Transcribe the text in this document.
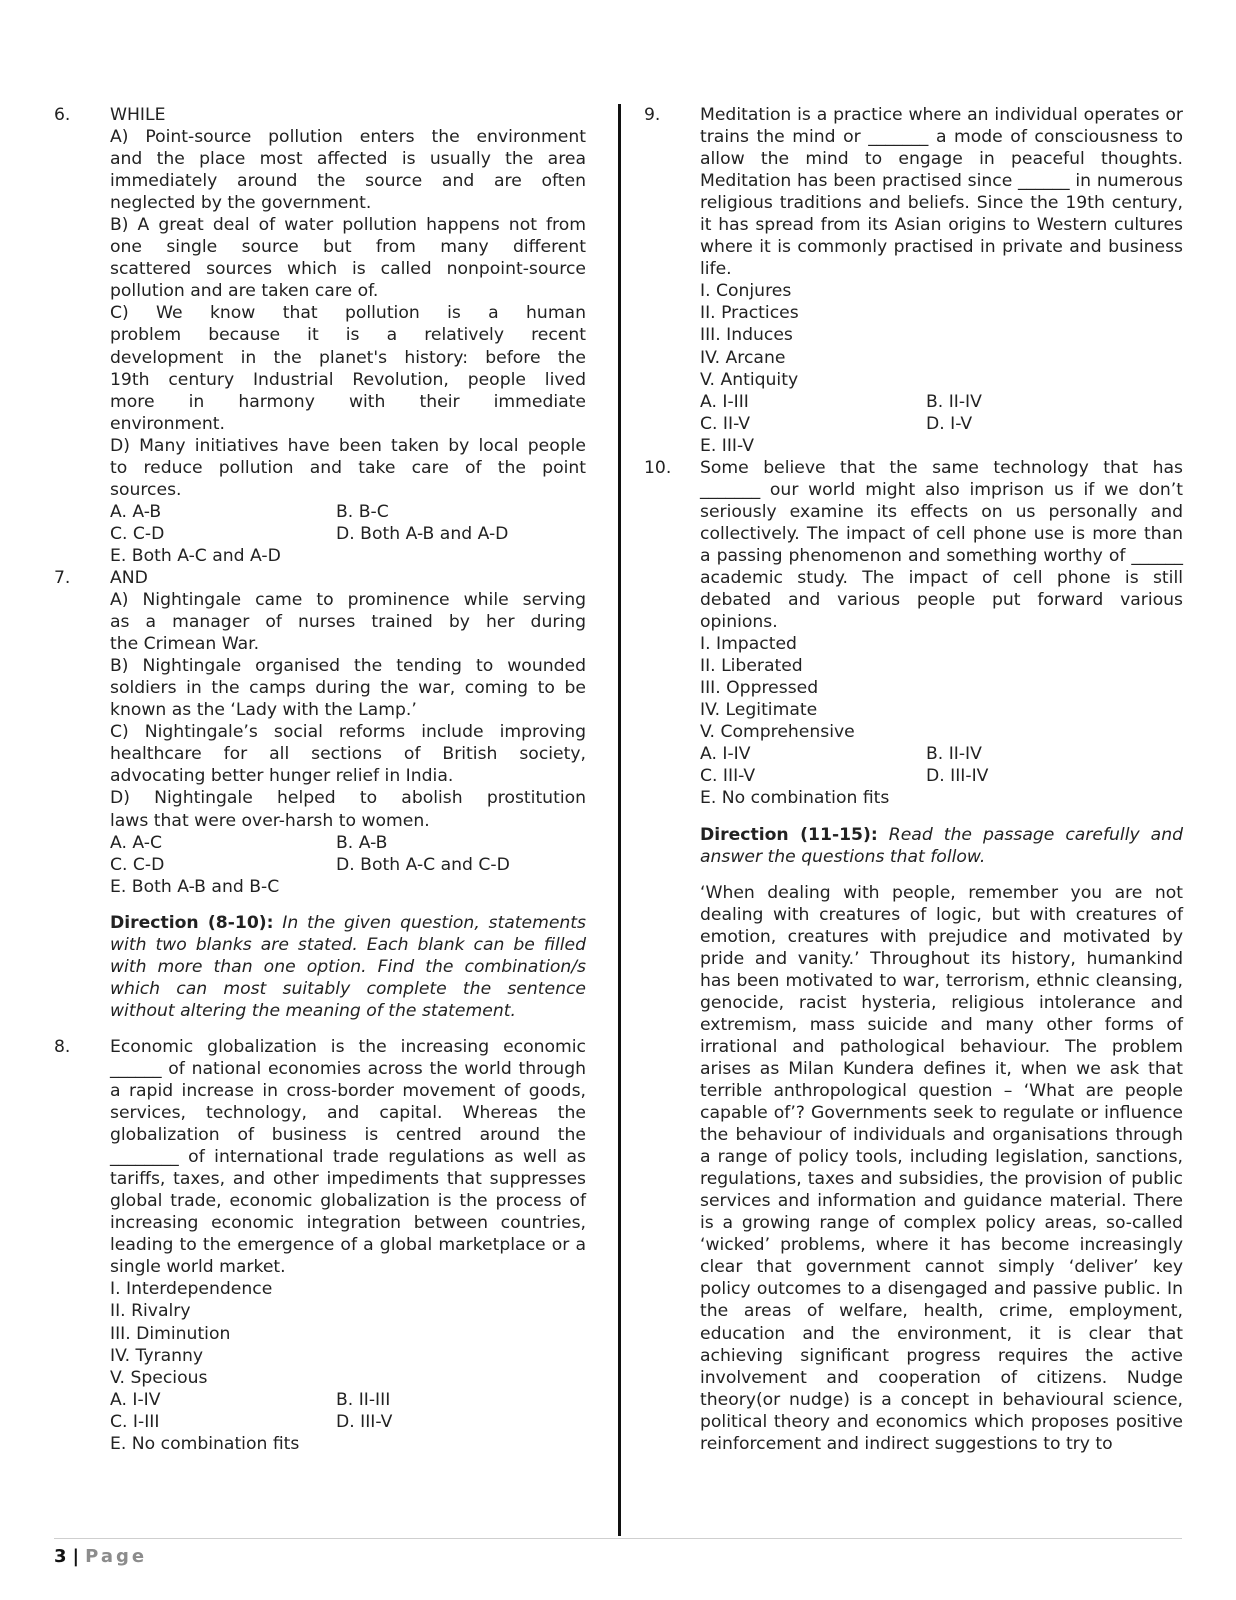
6.	WHILE
A) Point-source pollution enters the environment
and the place most affected is usually the area
immediately around the source and are often
neglected by the government.
B) A great deal of water pollution happens not from
one single source but from many different
scattered sources which is called nonpoint-source
pollution and are taken care of.
C) We know that pollution is a human
problem because it is a relatively recent
development in the planet's history: before the
19th century Industrial Revolution, people lived
more in harmony with their immediate
environment.
D) Many initiatives have been taken by local people
to reduce pollution and take care of the point
sources.
A. A-B	B. B-C
C. C-D	D. Both A-B and A-D
E. Both A-C and A-D
7.	AND
A) Nightingale came to prominence while serving
as a manager of nurses trained by her during
the Crimean War.
B) Nightingale organised the tending to wounded
soldiers in the camps during the war, coming to be
known as the ‘Lady with the Lamp.’
C) Nightingale’s social reforms include improving
healthcare for all sections of British society,
advocating better hunger relief in India.
D) Nightingale helped to abolish prostitution
laws that were over-harsh to women.
A. A-C	B. A-B
C. C-D	D. Both A-C and C-D
E. Both A-B and B-C
Direction (8-10): In the given question, statements with two blanks are stated. Each blank can be filled with more than one option. Find the combination/s which can most suitably complete the sentence without altering the meaning of the statement.
8.	Economic globalization is the increasing economic ______ of national economies across the world through a rapid increase in cross-border movement of goods, services, technology, and capital. Whereas the globalization of business is centred around the ________ of international trade regulations as well as tariffs, taxes, and other impediments that suppresses global trade, economic globalization is the process of increasing economic integration between countries, leading to the emergence of a global marketplace or a single world market.
I. Interdependence
II. Rivalry
III. Diminution
IV. Tyranny
V. Specious
A. I-IV	B. II-III
C. I-III	D. III-V
E. No combination fits
9.	Meditation is a practice where an individual operates or trains the mind or _______ a mode of consciousness to allow the mind to engage in peaceful thoughts. Meditation has been practised since ______ in numerous religious traditions and beliefs. Since the 19th century, it has spread from its Asian origins to Western cultures where it is commonly practised in private and business life.
I. Conjures
II. Practices
III. Induces
IV. Arcane
V. Antiquity
A. I-III	B. II-IV
C. II-V	D. I-V
E. III-V
10.	Some believe that the same technology that has _______ our world might also imprison us if we don’t seriously examine its effects on us personally and collectively. The impact of cell phone use is more than a passing phenomenon and something worthy of ______ academic study. The impact of cell phone is still debated and various people put forward various opinions.
I. Impacted
II. Liberated
III. Oppressed
IV. Legitimate
V. Comprehensive
A. I-IV	B. II-IV
C. III-V	D. III-IV
E. No combination fits
Direction (11-15): Read the passage carefully and answer the questions that follow.
‘When dealing with people, remember you are not dealing with creatures of logic, but with creatures of emotion, creatures with prejudice and motivated by pride and vanity.’ Throughout its history, humankind has been motivated to war, terrorism, ethnic cleansing, genocide, racist hysteria, religious intolerance and extremism, mass suicide and many other forms of irrational and pathological behaviour. The problem arises as Milan Kundera defines it, when we ask that terrible anthropological question – ‘What are people capable of’? Governments seek to regulate or influence the behaviour of individuals and organisations through a range of policy tools, including legislation, sanctions, regulations, taxes and subsidies, the provision of public services and information and guidance material. There is a growing range of complex policy areas, so-called ‘wicked’ problems, where it has become increasingly clear that government cannot simply ‘deliver’ key policy outcomes to a disengaged and passive public. In the areas of welfare, health, crime, employment, education and the environment, it is clear that achieving significant progress requires the active involvement and cooperation of citizens. Nudge theory(or nudge) is a concept in behavioural science, political theory and economics which proposes positive reinforcement and indirect suggestions to try to
3 | Page
